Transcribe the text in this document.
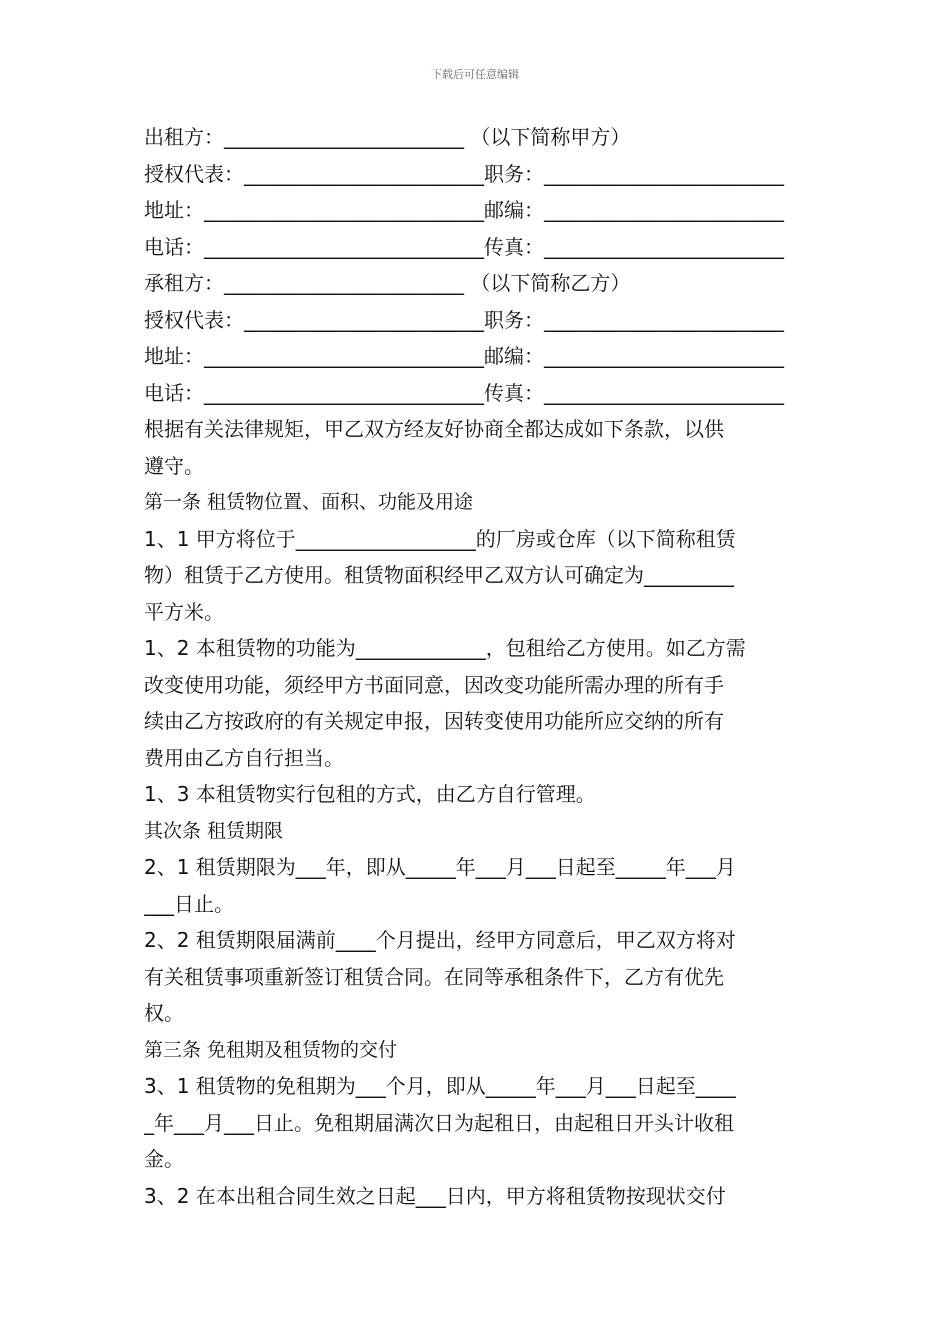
下载后可任意编辑
出租方：________________________ （以下简称甲方）
授权代表：________________________职务：________________________
地址：____________________________邮编：________________________
电话：____________________________传真：________________________
承租方：________________________ （以下简称乙方）
授权代表：________________________职务：________________________
地址：____________________________邮编：________________________
电话：____________________________传真：________________________
根据有关法律规矩，甲乙双方经友好协商全都达成如下条款，以供
遵守。
第一条 租赁物位置、面积、功能及用途
1、1 甲方将位于__________________的厂房或仓库（以下简称租赁
物）租赁于乙方使用。租赁物面积经甲乙双方认可确定为_________
平方米。
1、2 本租赁物的功能为_____________，包租给乙方使用。如乙方需
改变使用功能，须经甲方书面同意，因改变功能所需办理的所有手
续由乙方按政府的有关规定申报，因转变使用功能所应交纳的所有
费用由乙方自行担当。
1、3 本租赁物实行包租的方式，由乙方自行管理。
其次条 租赁期限
2、1 租赁期限为___年，即从_____年___月___日起至_____年___月
___日止。
2、2 租赁期限届满前____个月提出，经甲方同意后，甲乙双方将对
有关租赁事项重新签订租赁合同。在同等承租条件下，乙方有优先
权。
第三条 免租期及租赁物的交付
3、1 租赁物的免租期为___个月，即从_____年___月___日起至____
_年___月___日止。免租期届满次日为起租日，由起租日开头计收租
金。
3、2 在本出租合同生效之日起___日内，甲方将租赁物按现状交付
